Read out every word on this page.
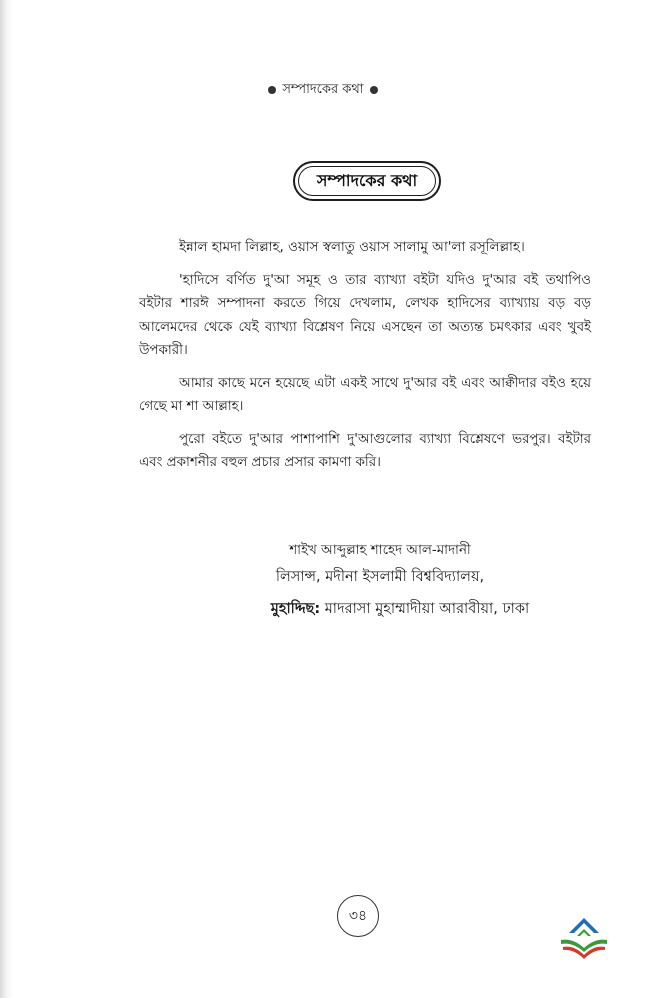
সম্পাদকের কথা
সম্পাদকের কথা

ইন্নাল হামদা লিল্লাহ, ওয়াস স্বলাতু ওয়াস সালামু আ'লা রসূলিল্লাহ।

'হাদিসে বর্ণিত দু'আ সমূহ ও তার ব্যাখ্যা বইটা যদিও দু'আর বই তথাপিও বইটার শারঈ সম্পাদনা করতে গিয়ে দেখলাম, লেখক হাদিসের ব্যাখ্যায় বড় বড় আলেমদের থেকে যেই ব্যাখ্যা বিশ্লেষণ নিয়ে এসছেন তা অত্যন্ত চমৎকার এবং খুবই উপকারী।

আমার কাছে মনে হয়েছে এটা একই সাথে দু'আর বই এবং আক্বীদার বইও হয়ে গেছে মা শা আল্লাহ।

পুরো বইতে দু'আর পাশাপাশি দু'আগুলোর ব্যাখ্যা বিশ্লেষণে ভরপুর। বইটার এবং প্রকাশনীর বহুল প্রচার প্রসার কামণা করি।

শাইখ আব্দুল্লাহ শাহেদ আল-মাদানী
লিসান্স, মদীনা ইসলামী বিশ্ববিদ্যালয়,
মুহাদ্দিছ: মাদরাসা মুহাম্মাদীয়া আরাবীয়া, ঢাকা
৩৪
